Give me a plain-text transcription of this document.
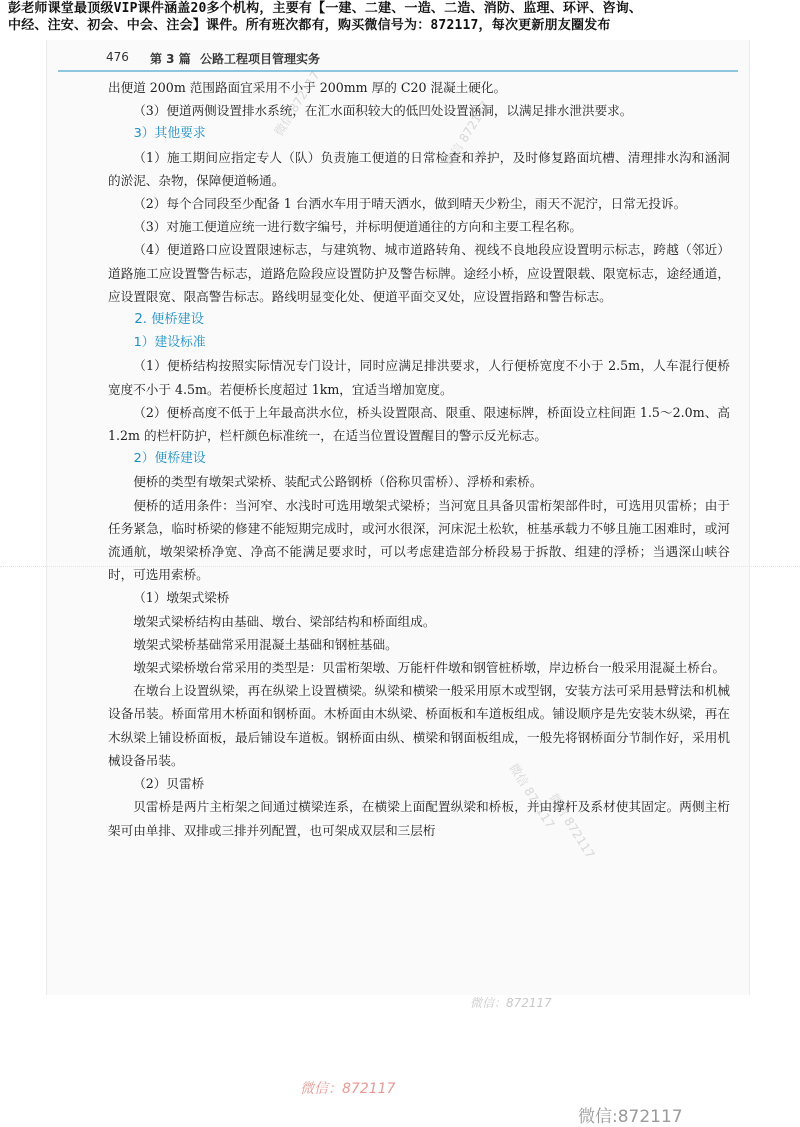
彭老师课堂最顶级VIP课件涵盖20多个机构，主要有【一建、二建、一造、二造、消防、监理、环评、咨询、
中经、注安、初会、中会、注会】课件。所有班次都有，购买微信号为：872117，每次更新朋友圈发布
476 第 3 篇 公路工程项目管理实务

出便道 200m 范围路面宜采用不小于 200mm 厚的 C20 混凝土硬化。

（3）便道两侧设置排水系统，在汇水面积较大的低凹处设置涵洞，以满足排水泄洪要求。

3）其他要求

（1）施工期间应指定专人（队）负责施工便道的日常检查和养护，及时修复路面坑槽、清理排水沟和涵洞的淤泥、杂物，保障便道畅通。

（2）每个合同段至少配备 1 台洒水车用于晴天洒水，做到晴天少粉尘，雨天不泥泞，日常无投诉。

（3）对施工便道应统一进行数字编号，并标明便道通往的方向和主要工程名称。

（4）便道路口应设置限速标志，与建筑物、城市道路转角、视线不良地段应设置明示标志，跨越（邻近）道路施工应设置警告标志，道路危险段应设置防护及警告标牌。途经小桥，应设置限载、限宽标志，途经通道，应设置限宽、限高警告标志。路线明显变化处、便道平面交叉处，应设置指路和警告标志。

2. 便桥建设
1）建设标准

（1）便桥结构按照实际情况专门设计，同时应满足排洪要求，人行便桥宽度不小于 2.5m，人车混行便桥宽度不小于 4.5m。若便桥长度超过 1km，宜适当增加宽度。

（2）便桥高度不低于上年最高洪水位，桥头设置限高、限重、限速标牌，桥面设立柱间距 1.5～2.0m、高 1.2m 的栏杆防护，栏杆颜色标准统一，在适当位置设置醒目的警示反光标志。

2）便桥建设

便桥的类型有墩架式梁桥、装配式公路钢桥（俗称贝雷桥）、浮桥和索桥。

便桥的适用条件：当河窄、水浅时可选用墩架式梁桥；当河宽且具备贝雷桁架部件时，可选用贝雷桥；由于任务紧急，临时桥梁的修建不能短期完成时，或河水很深，河床泥土松软，桩基承载力不够且施工困难时，或河流通航，墩架梁桥净宽、净高不能满足要求时，可以考虑建造部分桥段易于拆散、组建的浮桥；当遇深山峡谷时，可选用索桥。

（1）墩架式梁桥

墩架式梁桥结构由基础、墩台、梁部结构和桥面组成。

墩架式梁桥基础常采用混凝土基础和钢桩基础。

墩架式梁桥墩台常采用的类型是：贝雷桁架墩、万能杆件墩和钢管桩桥墩，岸边桥台一般采用混凝土桥台。

在墩台上设置纵梁，再在纵梁上设置横梁。纵梁和横梁一般采用原木或型钢，安装方法可采用悬臂法和机械设备吊装。桥面常用木桥面和钢桥面。木桥面由木纵梁、桥面板和车道板组成。铺设顺序是先安装木纵梁，再在木纵梁上铺设桥面板，最后铺设车道板。钢桥面由纵、横梁和钢面板组成，一般先将钢桥面分节制作好，采用机械设备吊装。

（2）贝雷桥

贝雷桥是两片主桁架之间通过横梁连系，在横梁上面配置纵梁和桥板，并由撑杆及系材使其固定。两侧主桁架可由单排、双排或三排并列配置，也可架成双层和三层桁

微信 872117	微信 872117
微信 872117
微信 872117
微信：872117
微信：872117
微信:872117
